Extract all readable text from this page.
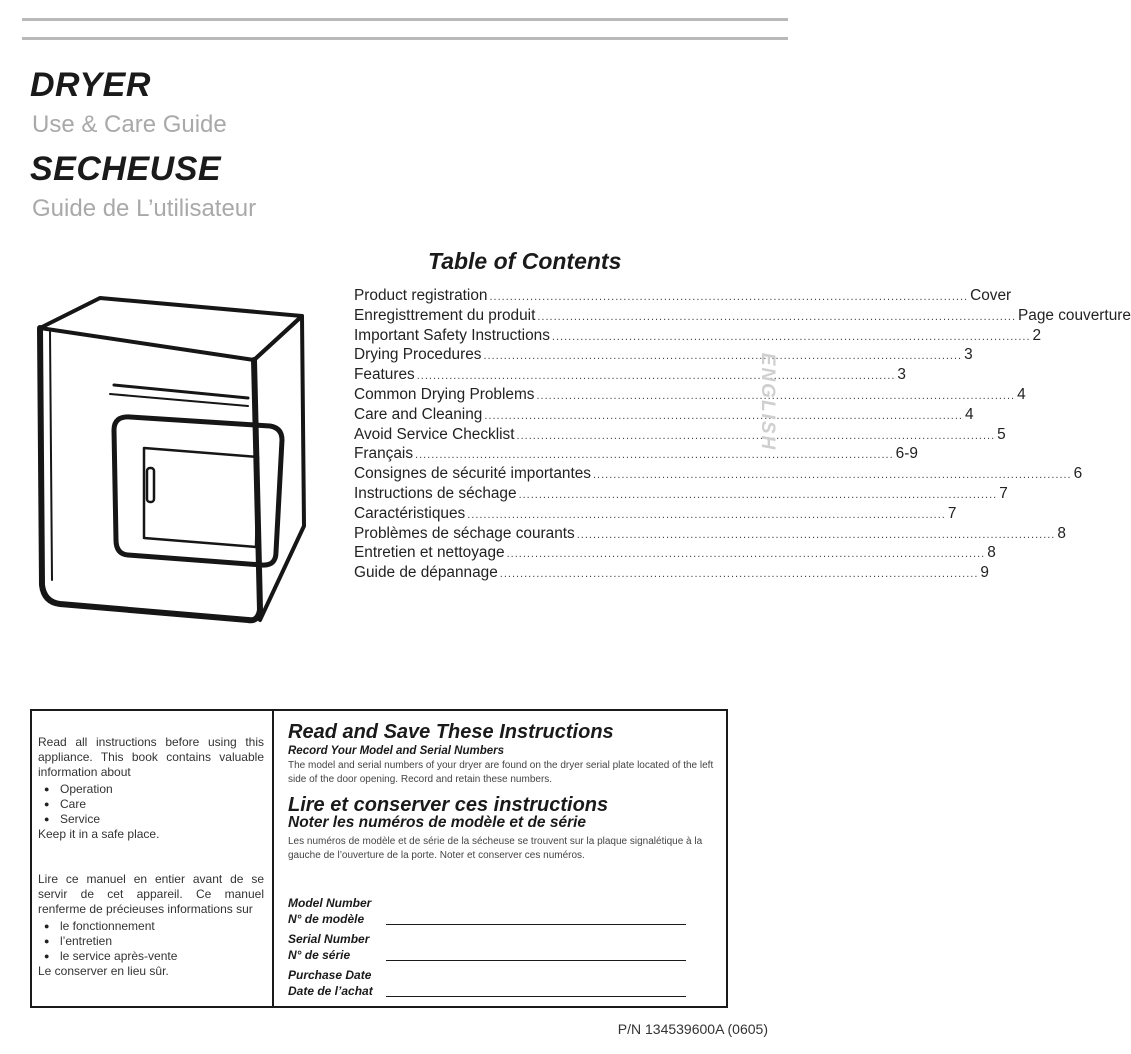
DRYER
Use & Care Guide
SECHEUSE
Guide de L’utilisateur
Table of Contents
Product registration ...................................................................................................................... Cover
Enregisttrement du produit ...................................................................................................................... Page couverture
Important Safety Instructions ...................................................................................................................... 2
Drying Procedures ...................................................................................................................... 3
Features ...................................................................................................................... 3
Common Drying Problems ...................................................................................................................... 4
Care and Cleaning ...................................................................................................................... 4
Avoid Service Checklist ...................................................................................................................... 5
Français ...................................................................................................................... 6-9
Consignes de sécurité importantes ...................................................................................................................... 6
Instructions de séchage ...................................................................................................................... 7
Caractéristiques ...................................................................................................................... 7
Problèmes de séchage courants ...................................................................................................................... 8
Entretien et nettoyage ...................................................................................................................... 8
Guide de dépannage ...................................................................................................................... 9
ENGLISH
Read all instructions before using this appliance. This book contains valuable information about
● Operation
● Care
● Service
Keep it in a safe place.
Lire ce manuel en entier avant de se servir de cet appareil. Ce manuel renferme de précieuses informations sur
● le fonctionnement
● l’entretien
● le service après-vente
Le conserver en lieu sûr.
Read and Save These Instructions
Record Your Model and Serial Numbers
The model and serial numbers of your dryer are found on the dryer serial plate located of the left side of the door opening. Record and retain these numbers.
Lire et conserver ces instructions
Noter les numéros de modèle et de série
Les numéros de modèle et de série de la sécheuse se trouvent sur la plaque signalétique à la gauche de l’ouverture de la porte. Noter et conserver ces numéros.
Model Number
N° de modèle
Serial Number
N° de série
Purchase Date
Date de l’achat
P/N 134539600A (0605)
